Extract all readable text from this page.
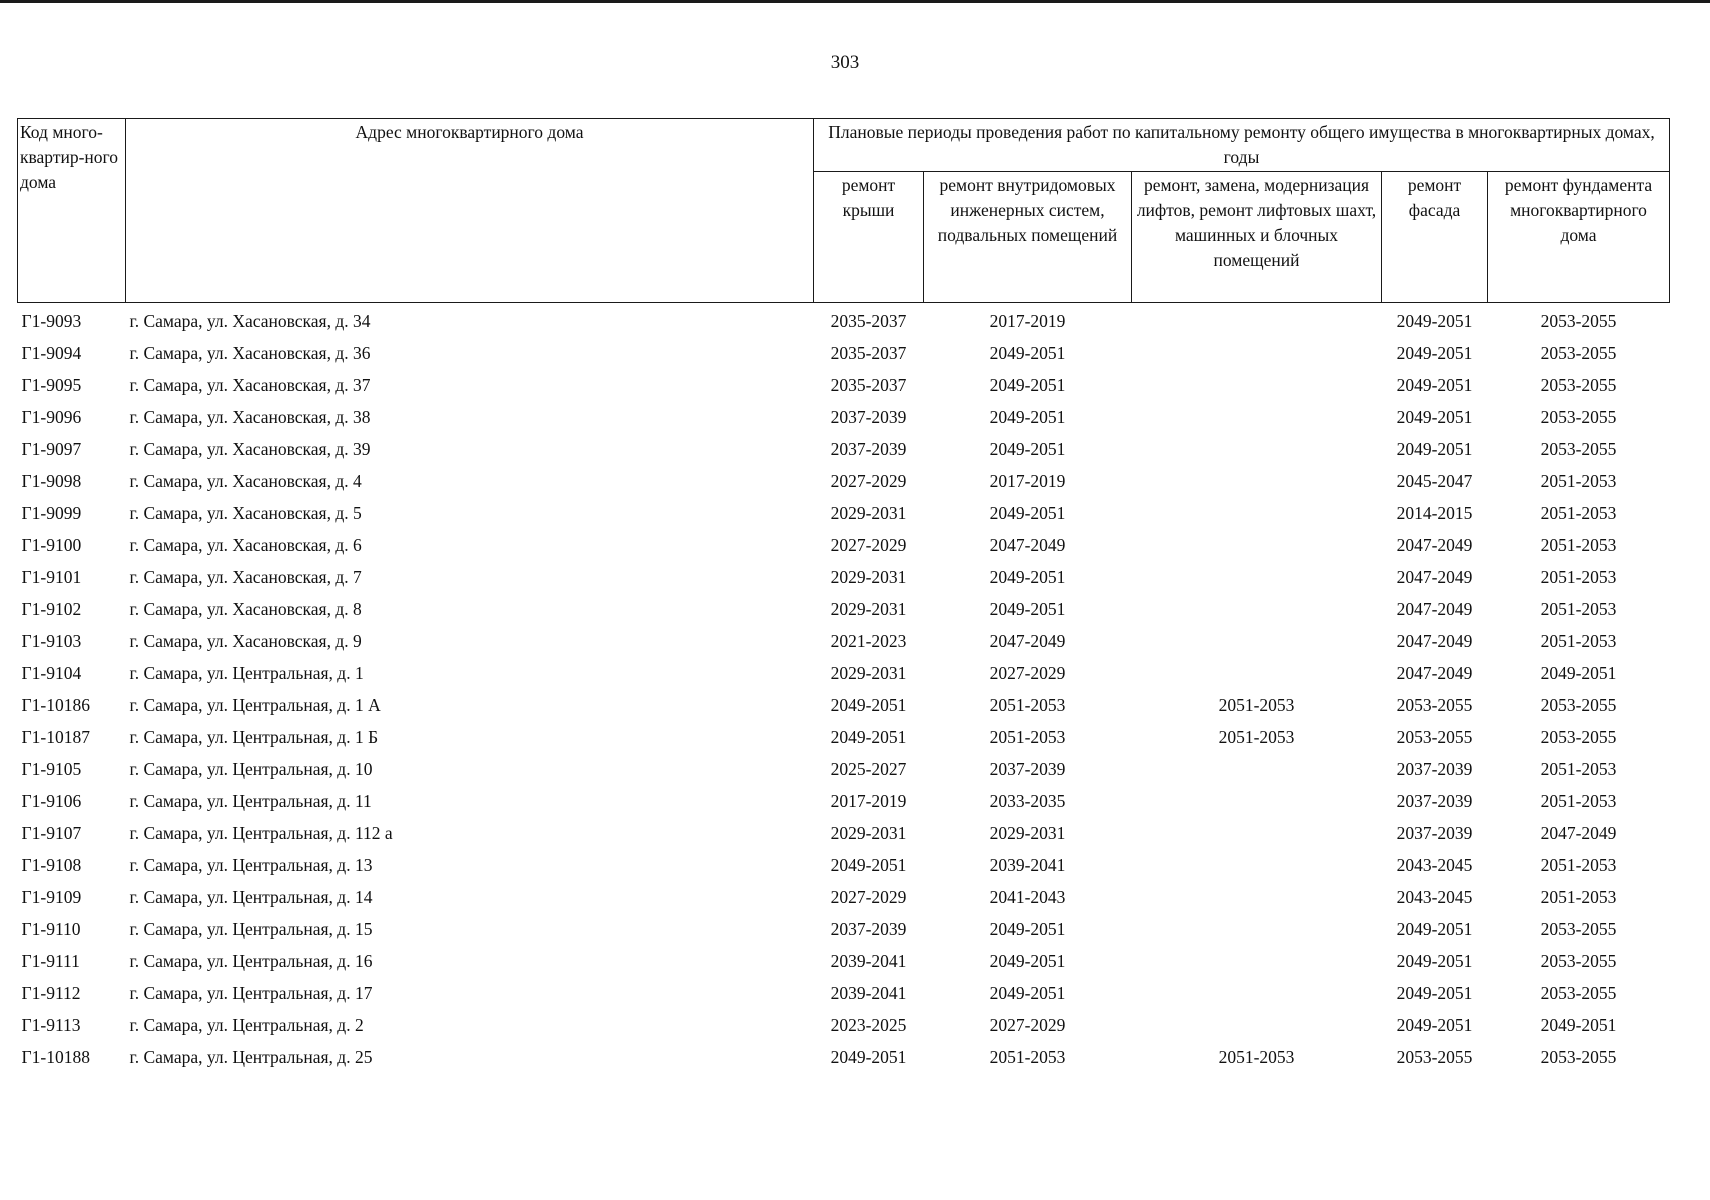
303
Код много-квартир-ного дома	Адрес многоквартирного дома	Плановые периоды проведения работ по капитальному ремонту общего имущества в многоквартирных домах, годы				
		ремонт крыши	ремонт внутридомовых инженерных систем, подвальных помещений	ремонт, замена, модернизация лифтов, ремонт лифтовых шахт, машинных и блочных помещений	ремонт фасада	ремонт фундамента многоквартирного дома
Г1-9093	г. Самара, ул. Хасановская, д. 34	2035-2037	2017-2019		2049-2051	2053-2055
Г1-9094	г. Самара, ул. Хасановская, д. 36	2035-2037	2049-2051		2049-2051	2053-2055
Г1-9095	г. Самара, ул. Хасановская, д. 37	2035-2037	2049-2051		2049-2051	2053-2055
Г1-9096	г. Самара, ул. Хасановская, д. 38	2037-2039	2049-2051		2049-2051	2053-2055
Г1-9097	г. Самара, ул. Хасановская, д. 39	2037-2039	2049-2051		2049-2051	2053-2055
Г1-9098	г. Самара, ул. Хасановская, д. 4	2027-2029	2017-2019		2045-2047	2051-2053
Г1-9099	г. Самара, ул. Хасановская, д. 5	2029-2031	2049-2051		2014-2015	2051-2053
Г1-9100	г. Самара, ул. Хасановская, д. 6	2027-2029	2047-2049		2047-2049	2051-2053
Г1-9101	г. Самара, ул. Хасановская, д. 7	2029-2031	2049-2051		2047-2049	2051-2053
Г1-9102	г. Самара, ул. Хасановская, д. 8	2029-2031	2049-2051		2047-2049	2051-2053
Г1-9103	г. Самара, ул. Хасановская, д. 9	2021-2023	2047-2049		2047-2049	2051-2053
Г1-9104	г. Самара, ул. Центральная, д. 1	2029-2031	2027-2029		2047-2049	2049-2051
Г1-10186	г. Самара, ул. Центральная, д. 1 А	2049-2051	2051-2053	2051-2053	2053-2055	2053-2055
Г1-10187	г. Самара, ул. Центральная, д. 1 Б	2049-2051	2051-2053	2051-2053	2053-2055	2053-2055
Г1-9105	г. Самара, ул. Центральная, д. 10	2025-2027	2037-2039		2037-2039	2051-2053
Г1-9106	г. Самара, ул. Центральная, д. 11	2017-2019	2033-2035		2037-2039	2051-2053
Г1-9107	г. Самара, ул. Центральная, д. 112 а	2029-2031	2029-2031		2037-2039	2047-2049
Г1-9108	г. Самара, ул. Центральная, д. 13	2049-2051	2039-2041		2043-2045	2051-2053
Г1-9109	г. Самара, ул. Центральная, д. 14	2027-2029	2041-2043		2043-2045	2051-2053
Г1-9110	г. Самара, ул. Центральная, д. 15	2037-2039	2049-2051		2049-2051	2053-2055
Г1-9111	г. Самара, ул. Центральная, д. 16	2039-2041	2049-2051		2049-2051	2053-2055
Г1-9112	г. Самара, ул. Центральная, д. 17	2039-2041	2049-2051		2049-2051	2053-2055
Г1-9113	г. Самара, ул. Центральная, д. 2	2023-2025	2027-2029		2049-2051	2049-2051
Г1-10188	г. Самара, ул. Центральная, д. 25	2049-2051	2051-2053	2051-2053	2053-2055	2053-2055
